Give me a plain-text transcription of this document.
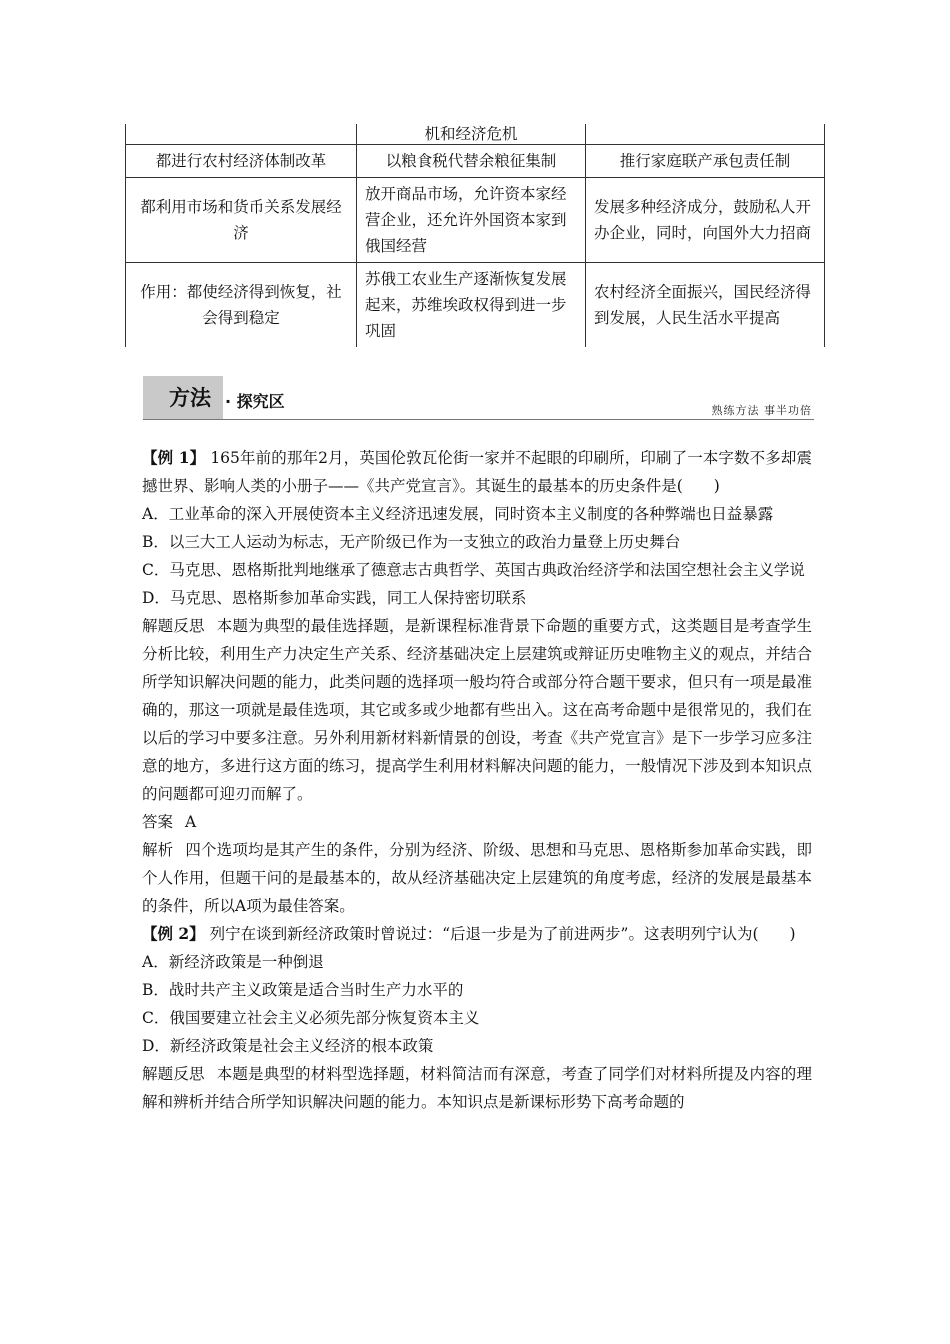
	机和经济危机	
都进行农村经济体制改革	以粮食税代替余粮征集制	推行家庭联产承包责任制
都利用市场和货币关系发展经济	放开商品市场，允许资本家经营企业，还允许外国资本家到俄国经营	发展多种经济成分，鼓励私人开办企业，同时，向国外大力招商
作用：都使经济得到恢复，社会得到稳定	苏俄工农业生产逐渐恢复发展起来，苏维埃政权得到进一步巩固	农村经济全面振兴，国民经济得到发展，人民生活水平提高
方法 · 探究区	熟练方法 事半功倍

【例 1】 165年前的那年2月，英国伦敦瓦伦街一家并不起眼的印刷所，印刷了一本字数不多却震撼世界、影响人类的小册子——《共产党宣言》。其诞生的最基本的历史条件是(　　)

A．工业革命的深入开展使资本主义经济迅速发展，同时资本主义制度的各种弊端也日益暴露

B．以三大工人运动为标志，无产阶级已作为一支独立的政治力量登上历史舞台

C．马克思、恩格斯批判地继承了德意志古典哲学、英国古典政治经济学和法国空想社会主义学说

D．马克思、恩格斯参加革命实践，同工人保持密切联系

解题反思 本题为典型的最佳选择题，是新课程标准背景下命题的重要方式，这类题目是考查学生分析比较，利用生产力决定生产关系、经济基础决定上层建筑或辩证历史唯物主义的观点，并结合所学知识解决问题的能力，此类问题的选择项一般均符合或部分符合题干要求，但只有一项是最准确的，那这一项就是最佳选项，其它或多或少地都有些出入。这在高考命题中是很常见的，我们在以后的学习中要多注意。另外利用新材料新情景的创设，考查《共产党宣言》是下一步学习应多注意的地方，多进行这方面的练习，提高学生利用材料解决问题的能力，一般情况下涉及到本知识点的问题都可迎刃而解了。

答案 A

解析 四个选项均是其产生的条件，分别为经济、阶级、思想和马克思、恩格斯参加革命实践，即个人作用，但题干问的是最基本的，故从经济基础决定上层建筑的角度考虑，经济的发展是最基本的条件，所以A项为最佳答案。

【例 2】 列宁在谈到新经济政策时曾说过：“后退一步是为了前进两步”。这表明列宁认为(　　)

A．新经济政策是一种倒退

B．战时共产主义政策是适合当时生产力水平的

C．俄国要建立社会主义必须先部分恢复资本主义

D．新经济政策是社会主义经济的根本政策

解题反思 本题是典型的材料型选择题，材料简洁而有深意，考查了同学们对材料所提及内容的理解和辨析并结合所学知识解决问题的能力。本知识点是新课标形势下高考命题的
